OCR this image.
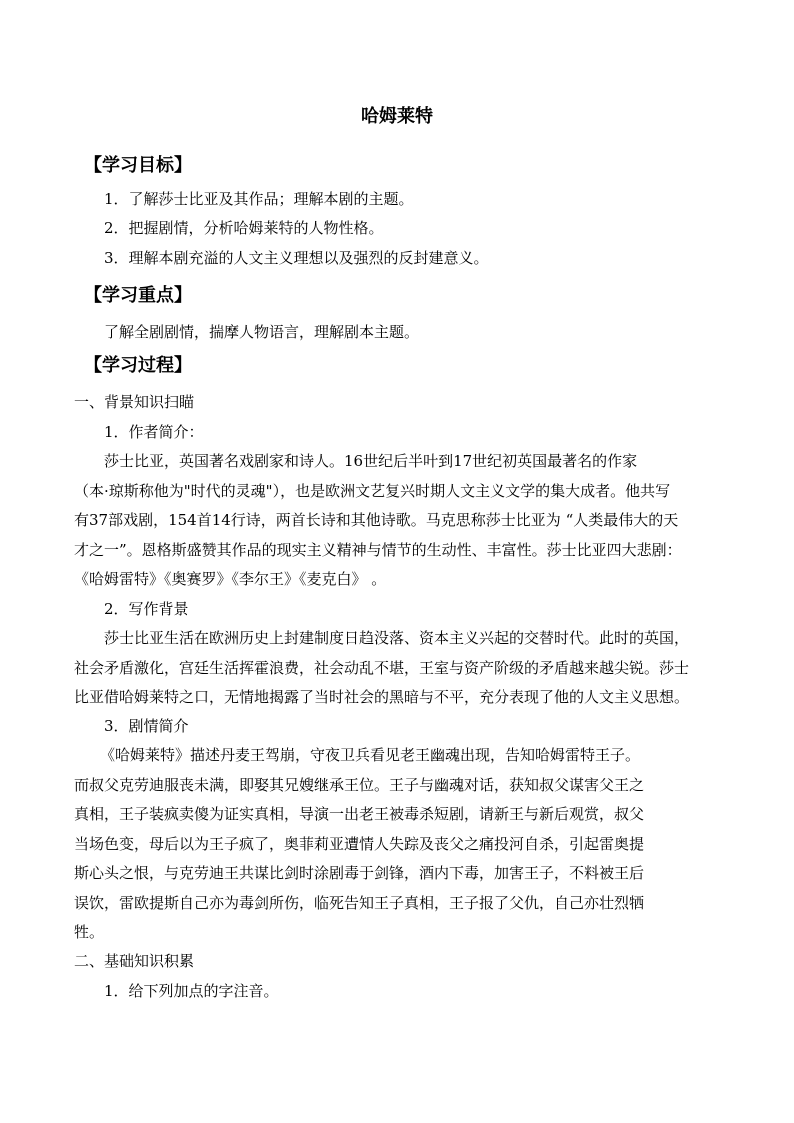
哈姆莱特
【学习目标】
1．了解莎士比亚及其作品；理解本剧的主题。
2．把握剧情，分析哈姆莱特的人物性格。
3．理解本剧充溢的人文主义理想以及强烈的反封建意义。
【学习重点】
了解全剧剧情，揣摩人物语言，理解剧本主题。
【学习过程】
一、背景知识扫瞄
1．作者简介：

莎士比亚，英国著名戏剧家和诗人。16世纪后半叶到17世纪初英国最著名的作家

（本·琼斯称他为"时代的灵魂"），也是欧洲文艺复兴时期人文主义文学的集大成者。他共写

有37部戏剧，154首14行诗，两首长诗和其他诗歌。马克思称莎士比亚为 “人类最伟大的天

才之一”。恩格斯盛赞其作品的现实主义精神与情节的生动性、丰富性。莎士比亚四大悲剧：

《哈姆雷特》《奥赛罗》《李尔王》《麦克白》 。

2．写作背景

莎士比亚生活在欧洲历史上封建制度日趋没落、资本主义兴起的交替时代。此时的英国，

社会矛盾激化，宫廷生活挥霍浪费，社会动乱不堪，王室与资产阶级的矛盾越来越尖锐。莎士

比亚借哈姆莱特之口，无情地揭露了当时社会的黑暗与不平，充分表现了他的人文主义思想。

3．剧情简介

《哈姆莱特》描述丹麦王驾崩，守夜卫兵看见老王幽魂出现，告知哈姆雷特王子。

而叔父克劳迪服丧未满，即娶其兄嫂继承王位。王子与幽魂对话，获知叔父谋害父王之

真相，王子装疯卖傻为证实真相，导演一出老王被毒杀短剧，请新王与新后观赏，叔父

当场色变，母后以为王子疯了，奥菲莉亚遭情人失踪及丧父之痛投河自杀，引起雷奥提

斯心头之恨，与克劳迪王共谋比剑时涂剧毒于剑锋，酒内下毒，加害王子，不料被王后

误饮，雷欧提斯自己亦为毒剑所伤，临死告知王子真相，王子报了父仇，自己亦壮烈牺

牲。

二、基础知识积累
1．给下列加点的字注音。
